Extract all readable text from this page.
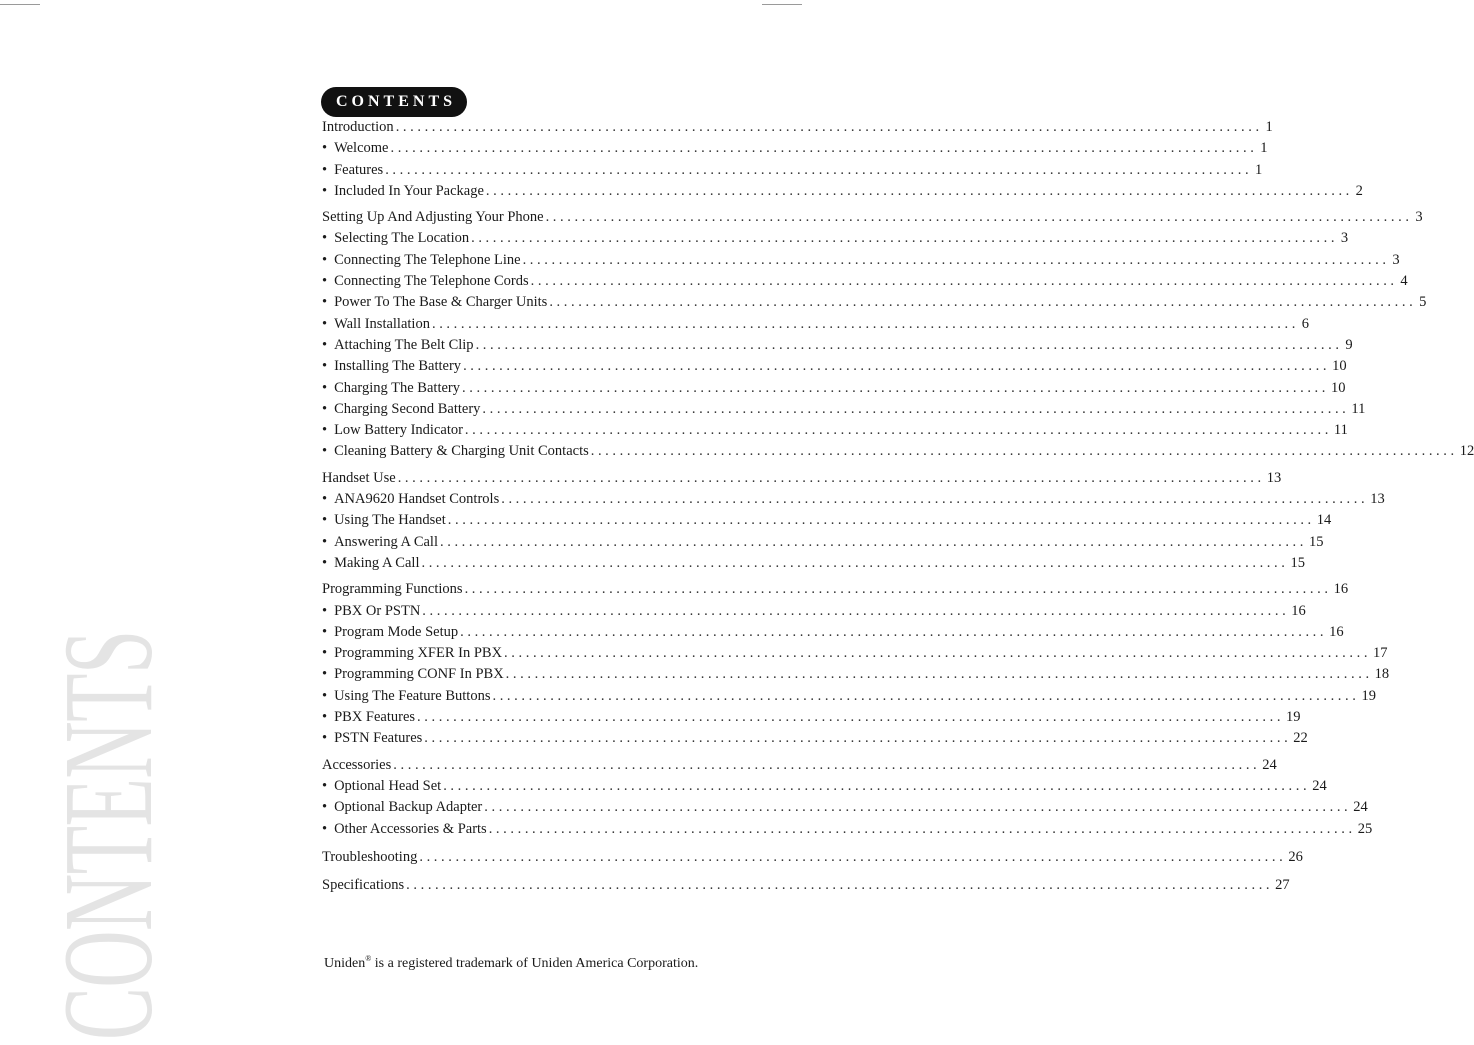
CONTENTS
CONTENTS
Introduction ........................................................................................................................ 1
• Welcome ........................................................................................................................ 1
• Features ........................................................................................................................ 1
• Included In Your Package ........................................................................................................................ 2
Setting Up And Adjusting Your Phone ........................................................................................................................ 3
• Selecting The Location ........................................................................................................................ 3
• Connecting The Telephone Line ........................................................................................................................ 3
• Connecting The Telephone Cords ........................................................................................................................ 4
• Power To The Base & Charger Units ........................................................................................................................ 5
• Wall Installation ........................................................................................................................ 6
• Attaching The Belt Clip ........................................................................................................................ 9
• Installing The Battery ........................................................................................................................ 10
• Charging The Battery ........................................................................................................................ 10
• Charging Second Battery ........................................................................................................................ 11
• Low Battery Indicator ........................................................................................................................ 11
• Cleaning Battery & Charging Unit Contacts ........................................................................................................................ 12
Handset Use ........................................................................................................................ 13
• ANA9620 Handset Controls ........................................................................................................................ 13
• Using The Handset ........................................................................................................................ 14
• Answering A Call ........................................................................................................................ 15
• Making A Call ........................................................................................................................ 15
Programming Functions ........................................................................................................................ 16
• PBX Or PSTN ........................................................................................................................ 16
• Program Mode Setup ........................................................................................................................ 16
• Programming XFER In PBX ........................................................................................................................ 17
• Programming CONF In PBX ........................................................................................................................ 18
• Using The Feature Buttons ........................................................................................................................ 19
• PBX Features ........................................................................................................................ 19
• PSTN Features ........................................................................................................................ 22
Accessories ........................................................................................................................ 24
• Optional Head Set ........................................................................................................................ 24
• Optional Backup Adapter ........................................................................................................................ 24
• Other Accessories & Parts ........................................................................................................................ 25
Troubleshooting ........................................................................................................................ 26
Specifications ........................................................................................................................ 27
Uniden® is a registered trademark of Uniden America Corporation.
